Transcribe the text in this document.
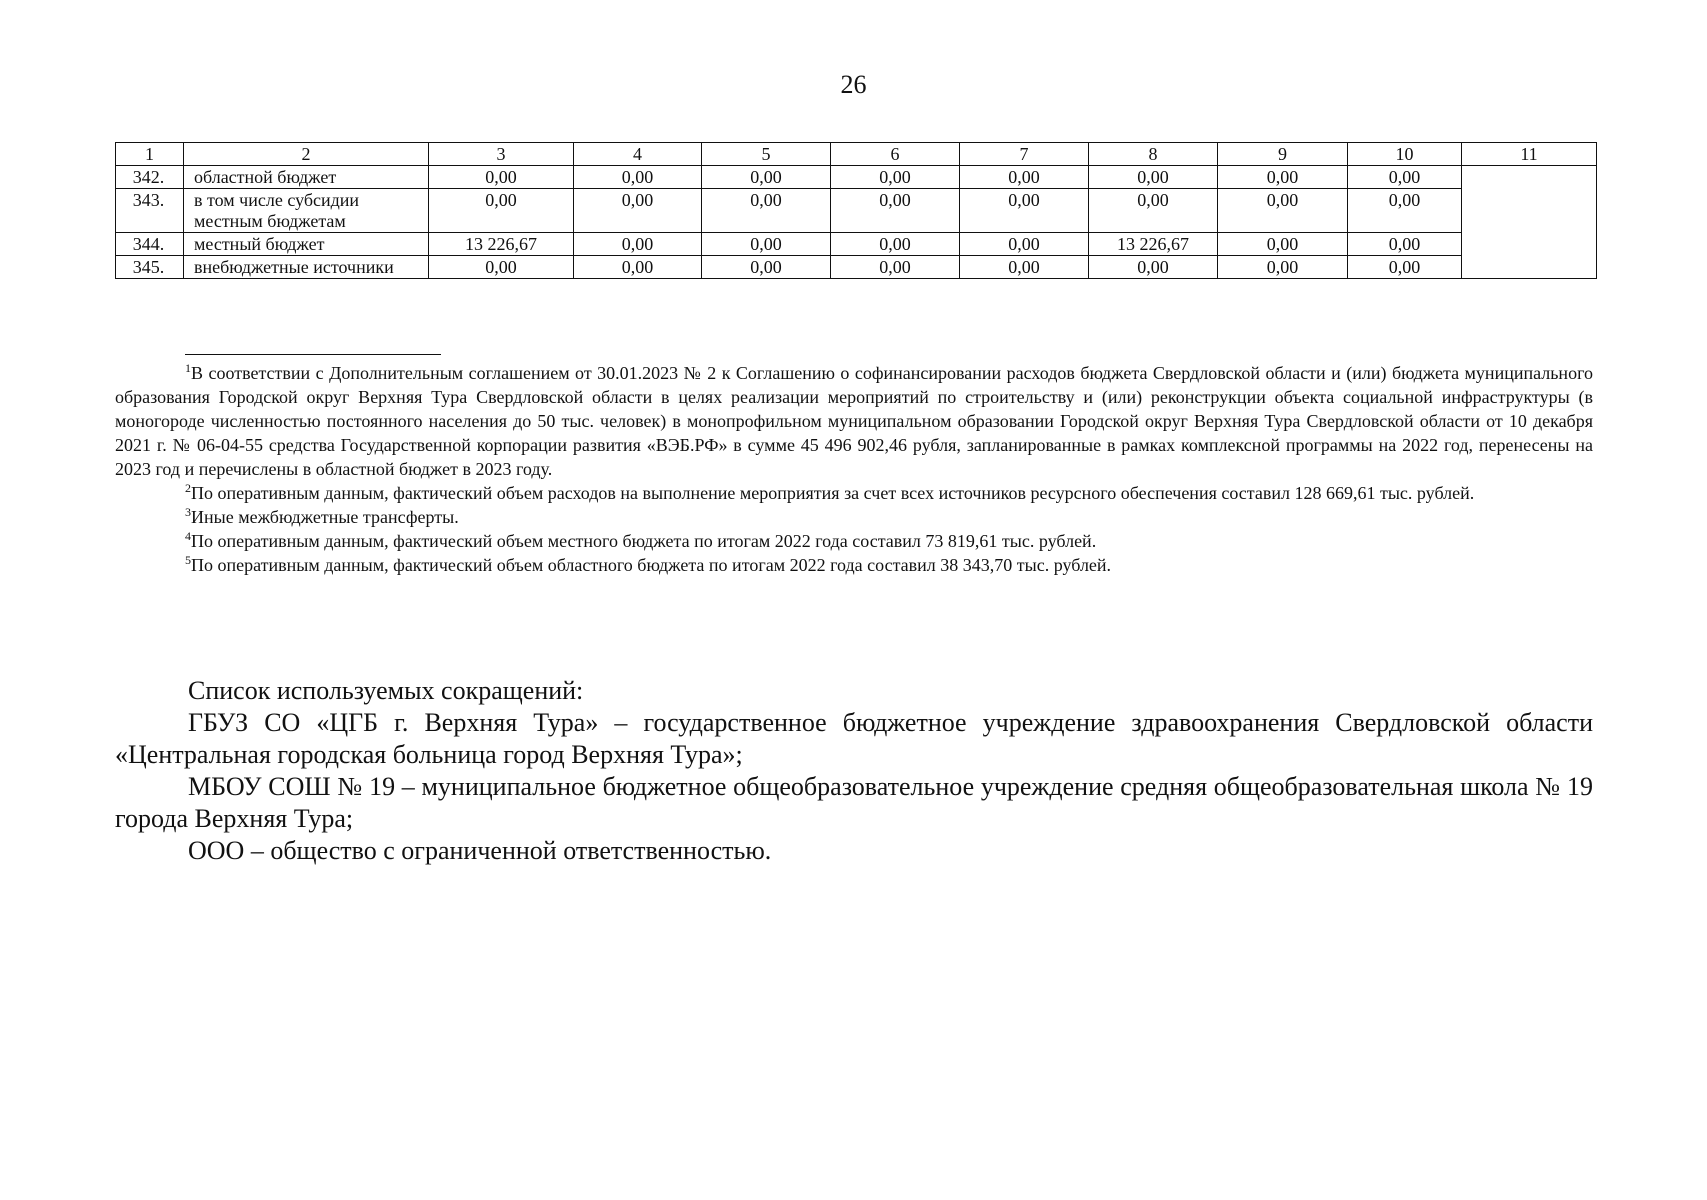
26
1	2	3	4	5	6	7	8	9	10	11
342.	областной бюджет	0,00	0,00	0,00	0,00	0,00	0,00	0,00	0,00	
343.	в том числе субсидии местным бюджетам	0,00	0,00	0,00	0,00	0,00	0,00	0,00	0,00	
344.	местный бюджет	13 226,67	0,00	0,00	0,00	0,00	13 226,67	0,00	0,00	
345.	внебюджетные источники	0,00	0,00	0,00	0,00	0,00	0,00	0,00	0,00	

$^1$В соответствии с Дополнительным соглашением от 30.01.2023 № 2 к Соглашению о софинансировании расходов бюджета Свердловской области и (или) бюджета муниципального образования Городской округ Верхняя Тура Свердловской области в целях реализации мероприятий по строительству и (или) реконструкции объекта социальной инфраструктуры (в моногороде численностью постоянного населения до 50 тыс. человек) в монопрофильном муниципальном образовании Городской округ Верхняя Тура Свердловской области от 10 декабря 2021 г. № 06-04-55 средства Государственной корпорации развития «ВЭБ.РФ» в сумме 45 496 902,46 рубля, запланированные в рамках комплексной программы на 2022 год, перенесены на 2023 год и перечислены в областной бюджет в 2023 году.

$^2$По оперативным данным, фактический объем расходов на выполнение мероприятия за счет всех источников ресурсного обеспечения составил 128 669,61 тыс. рублей.

$^3$Иные межбюджетные трансферты.

$^4$По оперативным данным, фактический объем местного бюджета по итогам 2022 года составил 73 819,61 тыс. рублей.

$^5$По оперативным данным, фактический объем областного бюджета по итогам 2022 года составил 38 343,70 тыс. рублей.

Список используемых сокращений:

ГБУЗ СО «ЦГБ г. Верхняя Тура» – государственное бюджетное учреждение здравоохранения Свердловской области «Центральная городская больница город Верхняя Тура»;

МБОУ СОШ № 19 – муниципальное бюджетное общеобразовательное учреждение средняя общеобразовательная школа № 19 города Верхняя Тура;

ООО – общество с ограниченной ответственностью.
